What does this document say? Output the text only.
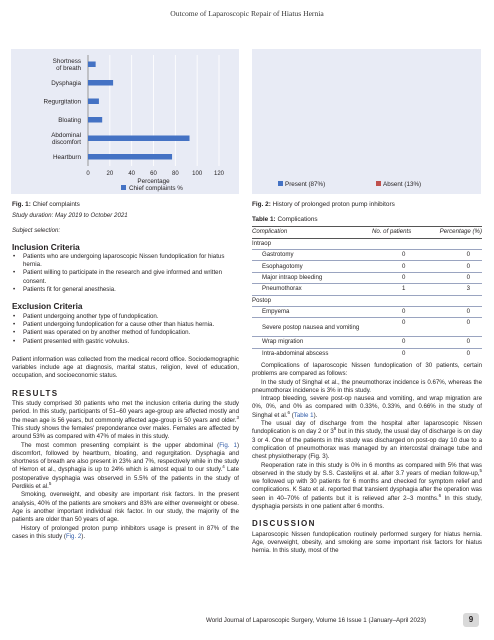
Outcome of Laparoscopic Repair of Hiatus Hernia
0	20	40	60	80 100 120
Shortness of breath
Dysphagia
Regurgitation
Bloating
Abdominal discomfort
Heartburn
Percentage
Chief complaints %
Fig. 1: Chief complaints
Present (87%)	Absent (13%)
Fig. 2: History of prolonged proton pump inhibitors

Study duration: May 2019 to October 2021

Subject selection:

Inclusion Criteria
• Patients who are undergoing laparoscopic Nissen fundoplication for hiatus hernia.
• Patient willing to participate in the research and give informed and written consent.
• Patients fit for general anesthesia.
Exclusion Criteria
• Patient undergoing another type of fundoplication.
• Patient undergoing fundoplication for a cause other than hiatus hernia.
• Patient was operated on by another method of fundoplication.
• Patient presented with gastric volvulus.

Patient information was collected from the medical record office. Sociodemographic variables include age at diagnosis, marital status, religion, level of education, occupation, and socioeconomic status.

RESULTS

This study comprised 30 patients who met the inclusion criteria during the study period. In this study, participants of 51–60 years age-group are affected mostly and the mean age is 56 years, but commonly affected age-group is 50 years and older.$^3$ This study shows the females' preponderance over males. Females are affected by around 53% as compared with 47% of males in this study.

The most common presenting complaint is the upper abdominal (Fig. 1) discomfort, followed by heartburn, bloating, and regurgitation. Dysphagia and shortness of breath are also present in 23% and 7%, respectively while in the study of Herron et al., dysphagia is up to 24% which is almost equal to our study.$^4$ Late postoperative dysphagia was observed in 5.5% of the patients in the study of Perdikis et al.$^5$

Smoking, overweight, and obesity are important risk factors. In the present analysis, 40% of the patients are smokers and 83% are either overweight or obese. Age is another important individual risk factor. In our study, the majority of the patients are older than 50 years of age.

History of prolonged proton pump inhibitors usage is present in 87% of the cases in this study (Fig. 2).

Table 1: Complications
Complication	No. of patients	Percentage (%)
Intraop		
Gastrotomy	0	0
Esophagotomy	0	0
Major intraop bleeding	0	0
Pneumothorax	1	3
Postop		
Empyema	0	0
Severe postop nausea and vomiting	0	0
Wrap migration	0	0
Intra-abdominal abscess	0	0

Complications of laparoscopic Nissen fundoplication of 30 patients, certain problems are compared as follows:

In the study of Singhal et al., the pneumothorax incidence is 0.67%, whereas the pneumothorax incidence is 3% in this study.

Intraop bleeding, severe post-op nausea and vomiting, and wrap migration are 0%, 0%, and 0% as compared with 0.33%, 0.33%, and 0.66% in the study of Singhal et al.$^6$ (Table 1).

The usual day of discharge from the hospital after laparoscopic Nissen fundoplication is on day 2 or $3^6$ but in this study, the usual day of discharge is on day 3 or 4. One of the patients in this study was discharged on post-op day 10 due to a complication of pneumothorax was managed by an intercostal drainage tube and chest physiotherapy (Fig. 3).

Reoperation rate in this study is 0% in 6 months as compared with 5% that was observed in the study by S.S. Castelijns et al. after 3.7 years of median follow-up,$^5$ we followed up with 30 patients for 6 months and checked for symptom relief and complications. K Sato et al. reported that transient dysphagia after the operation was seen in 40–70% of patients but it is relieved after 2–3 months.$^6$ In this study, dysphagia persists in one patient after 6 months.

DISCUSSION

Laparoscopic Nissen fundoplication routinely performed surgery for hiatus hernia. Age, overweight, obesity, and smoking are some important risk factors for hiatus hernia. In this study, most of the

World Journal of Laparoscopic Surgery, Volume 16 Issue 1 (January–April 2023)	9
